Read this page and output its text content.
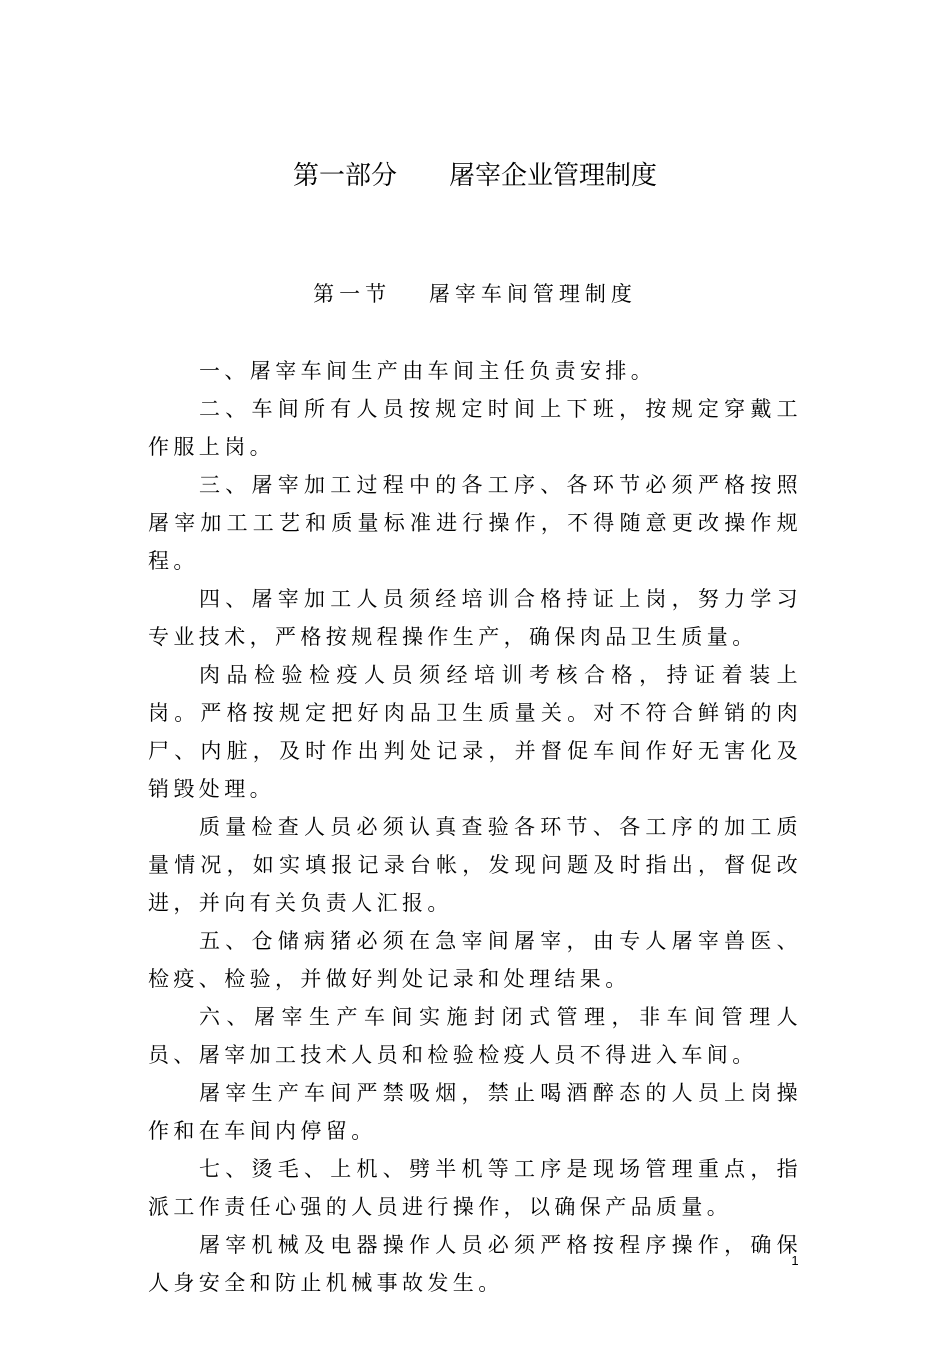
第一部分　　屠宰企业管理制度
第一节　 屠宰车间管理制度

一、屠宰车间生产由车间主任负责安排。

二、车间所有人员按规定时间上下班，按规定穿戴工作服上岗。

三、屠宰加工过程中的各工序、各环节必须严格按照屠宰加工工艺和质量标准进行操作，不得随意更改操作规程。

四、屠宰加工人员须经培训合格持证上岗，努力学习专业技术，严格按规程操作生产，确保肉品卫生质量。

肉品检验检疫人员须经培训考核合格，持证着装上岗。严格按规定把好肉品卫生质量关。对不符合鲜销的肉尸、内脏，及时作出判处记录，并督促车间作好无害化及销毁处理。

质量检查人员必须认真查验各环节、各工序的加工质量情况，如实填报记录台帐，发现问题及时指出，督促改进，并向有关负责人汇报。

五、仓储病猪必须在急宰间屠宰，由专人屠宰兽医、检疫、检验，并做好判处记录和处理结果。

六、屠宰生产车间实施封闭式管理，非车间管理人员、屠宰加工技术人员和检验检疫人员不得进入车间。

屠宰生产车间严禁吸烟，禁止喝酒醉态的人员上岗操作和在车间内停留。

七、烫毛、上机、劈半机等工序是现场管理重点，指派工作责任心强的人员进行操作，以确保产品质量。

屠宰机械及电器操作人员必须严格按程序操作，确保人身安全和防止机械事故发生。

1
